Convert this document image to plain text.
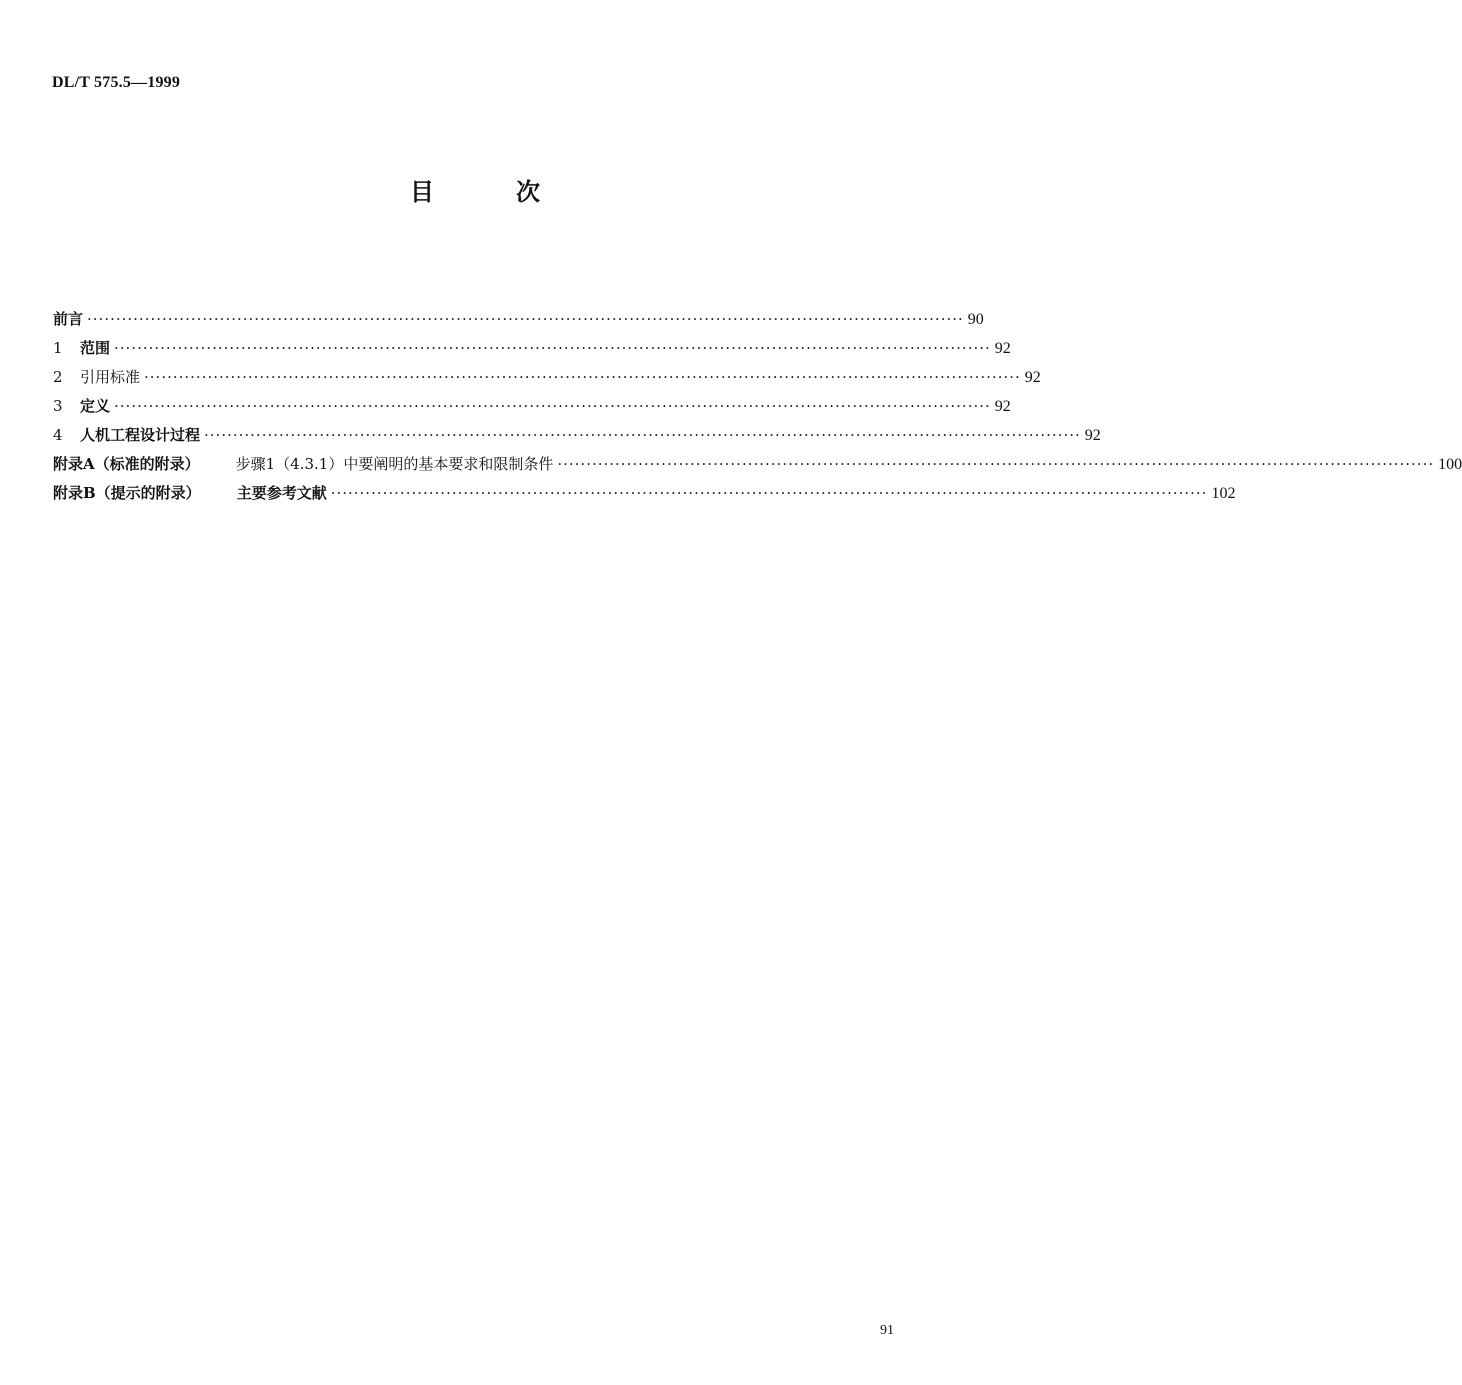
DL/T 575.5—1999
目次
前言 ························································································································································ 90
1 范围 ························································································································································ 92
2 引用标准 ························································································································································ 92
3 定义 ························································································································································ 92
4 人机工程设计过程 ························································································································································ 92
附录A（标准的附录） 步骤1（4.3.1）中要阐明的基本要求和限制条件 ························································································································································ 100
附录B（提示的附录） 主要参考文献 ························································································································································ 102
91
